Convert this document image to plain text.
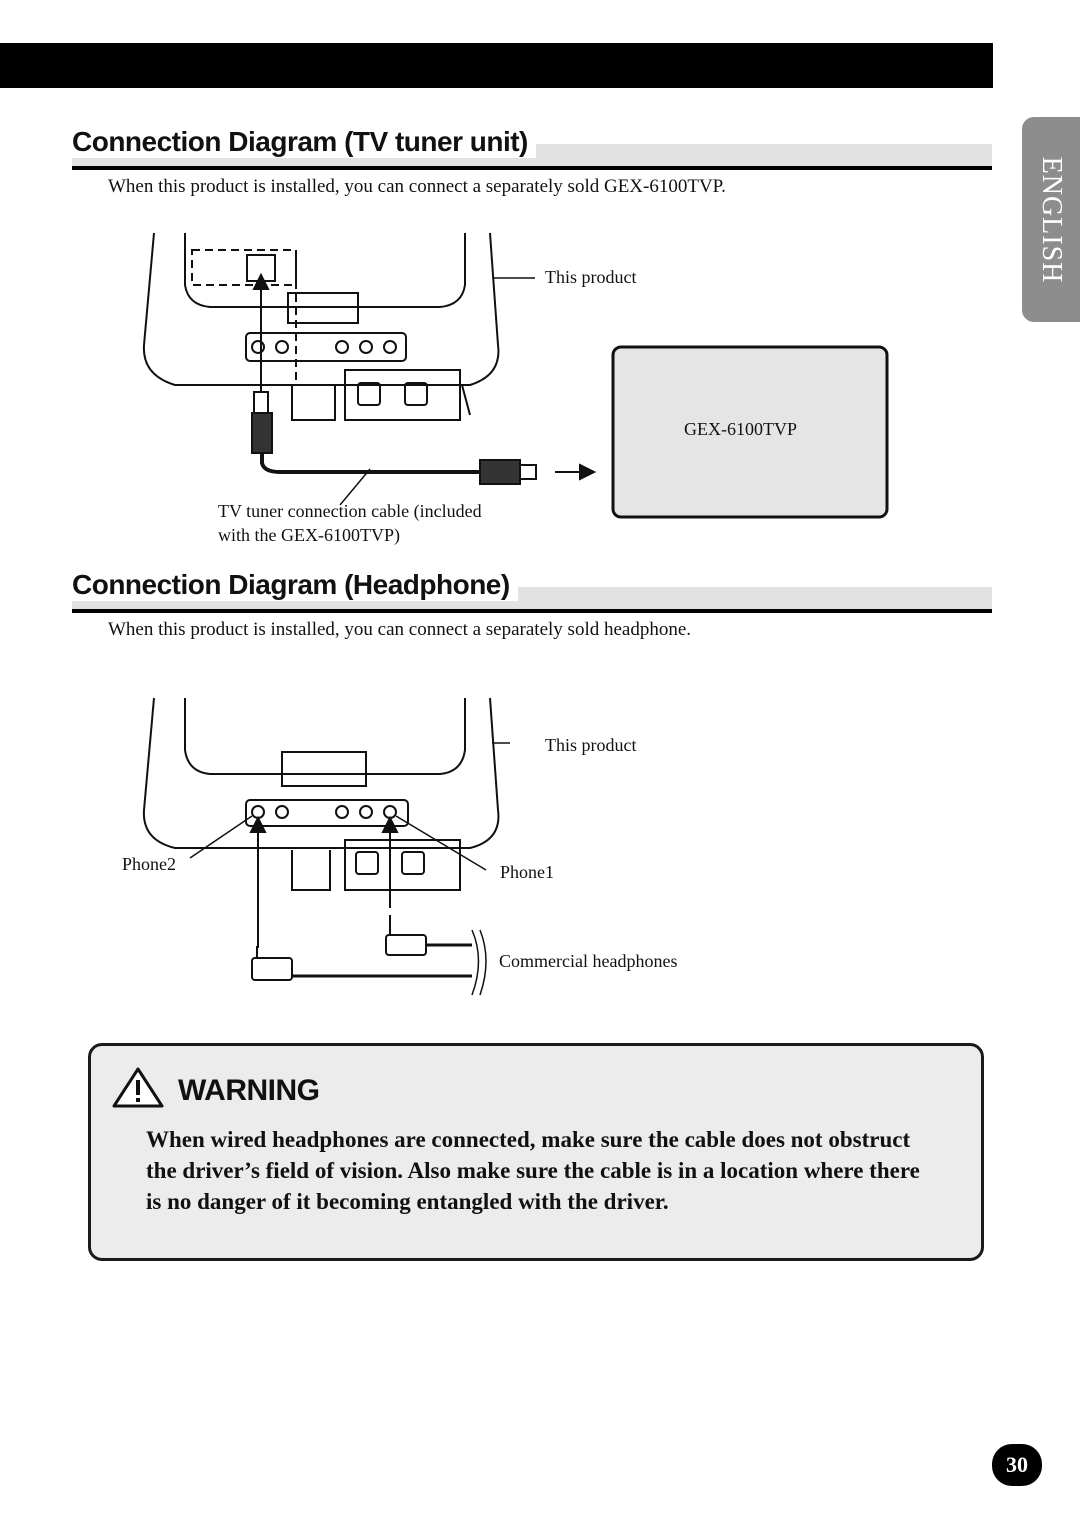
ENGLISH
Connection Diagram (TV tuner unit)
When this product is installed, you can connect a separately sold GEX-6100TVP.
This product
GEX-6100TVP
TV tuner connection cable (included
with the GEX-6100TVP)
Connection Diagram (Headphone)
When this product is installed, you can connect a separately sold headphone.
This product
Phone2	Phone1
Commercial headphones
WARNING
When wired headphones are connected, make sure the cable does not obstruct the driver’s field of vision. Also make sure the cable is in a location where there is no danger of it becoming entangled with the driver.
30
